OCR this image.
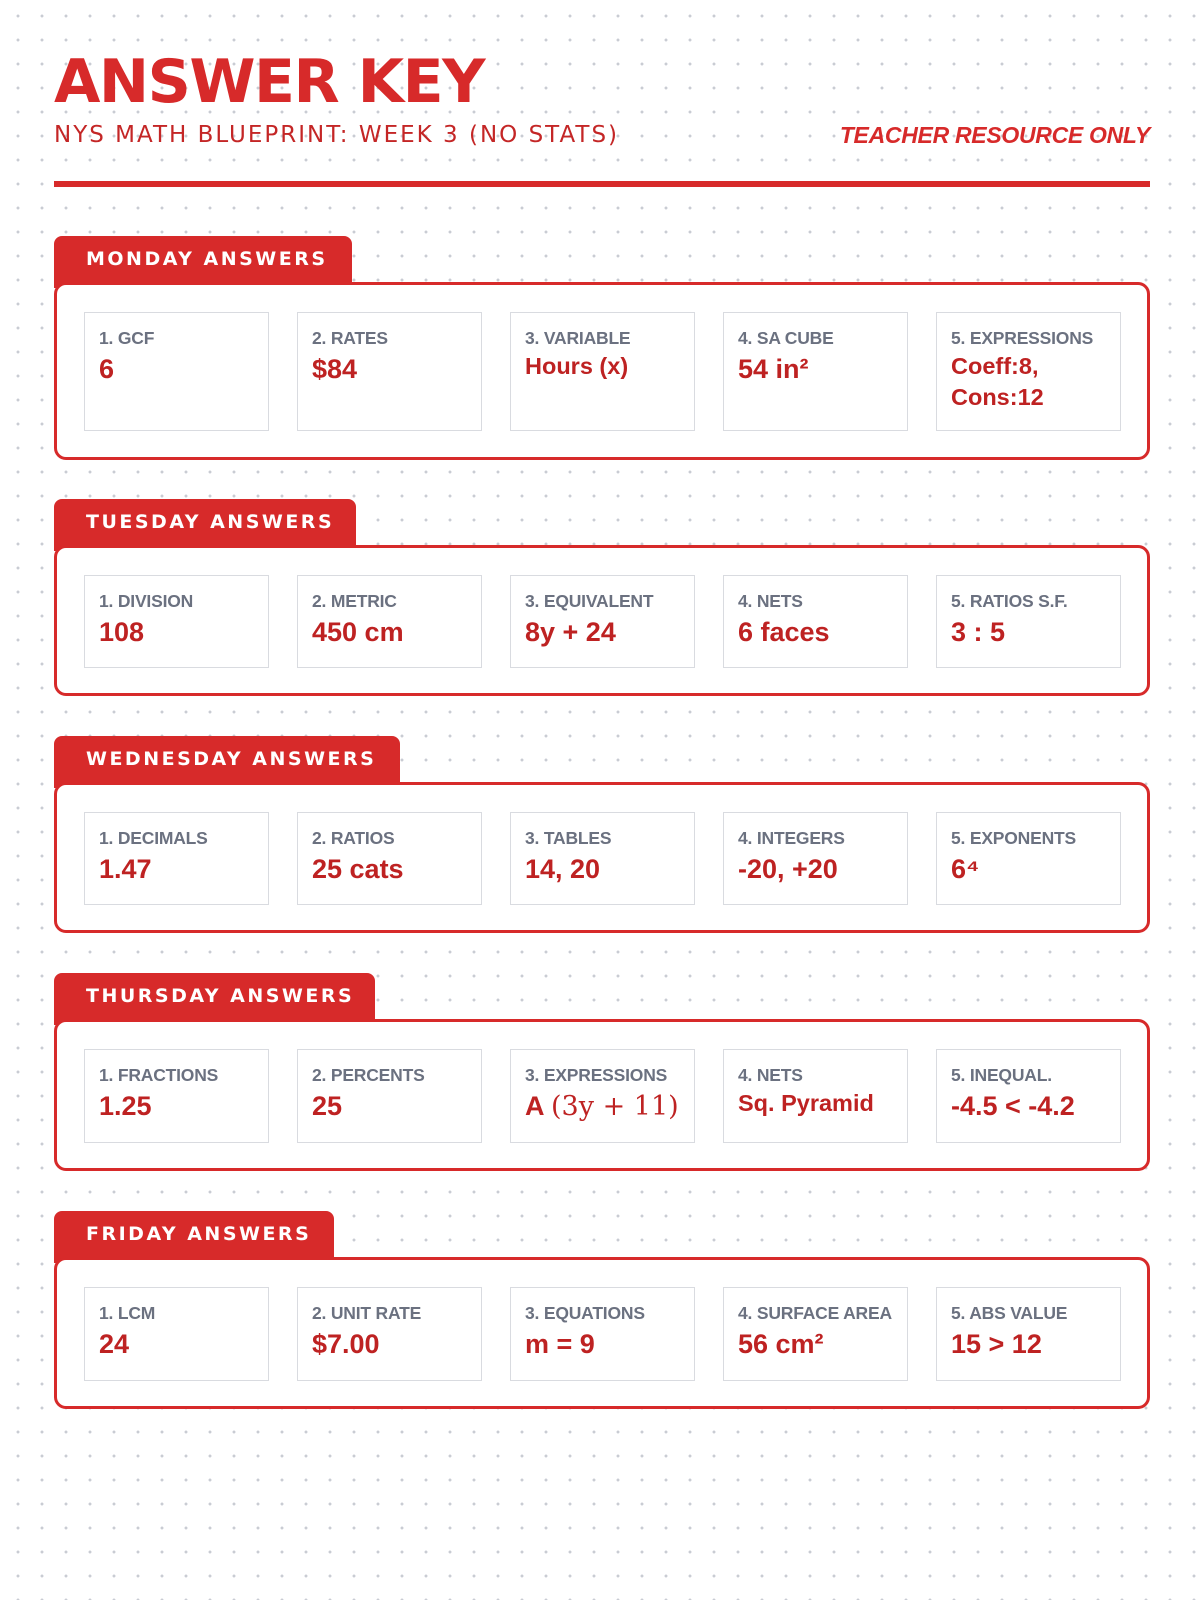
ANSWER KEY
NYS MATH BLUEPRINT: WEEK 3 (NO STATS)	TEACHER RESOURCE ONLY
MONDAY ANSWERS
1. GCF
6
2. RATES
$84
3. VARIABLE
Hours (x)
4. SA CUBE
54 in²
5. EXPRESSIONS
Coeff:8, Cons:12
TUESDAY ANSWERS
1. DIVISION
108
2. METRIC
450 cm
3. EQUIVALENT
8y + 24
4. NETS
6 faces
5. RATIOS S.F.
3 : 5
WEDNESDAY ANSWERS
1. DECIMALS
1.47
2. RATIOS
25 cats
3. TABLES
14, 20
4. INTEGERS
-20, +20
5. EXPONENTS
6⁴
THURSDAY ANSWERS
1. FRACTIONS
1.25
2. PERCENTS
25
3. EXPRESSIONS
A (3y + 11)
4. NETS
Sq. Pyramid
5. INEQUAL.
-4.5 < -4.2
FRIDAY ANSWERS
1. LCM
24
2. UNIT RATE
$7.00
3. EQUATIONS
m = 9
4. SURFACE AREA
56 cm²
5. ABS VALUE
15 > 12
